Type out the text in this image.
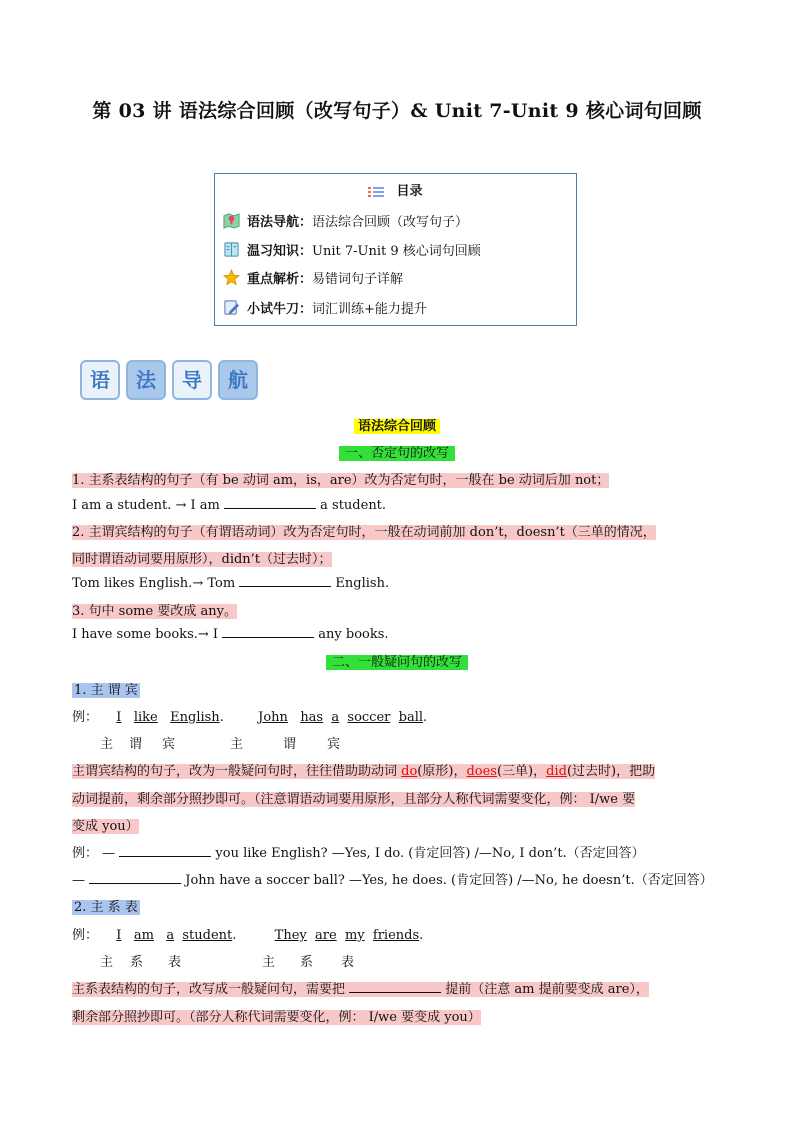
第 03 讲 语法综合回顾（改写句子）& Unit 7-Unit 9 核心词句回顾
目录
语法导航：语法综合回顾（改写句子）
温习知识：Unit 7-Unit 9 核心词句回顾
重点解析：易错词句子详解
小试牛刀：词汇训练+能力提升
语	法	导	航
语法综合回顾
一、否定句的改写
1. 主系表结构的句子（有 be 动词 am，is，are）改为否定句时，一般在 be 动词后加 not；
I am a student. → I am	a student.
2. 主谓宾结构的句子（有谓语动词）改为否定句时，一般在动词前加 don’t，doesn’t（三单的情况，
同时谓语动词要用原形），didn’t（过去时）；
Tom likes English.→ Tom	English.
3. 句中 some 要改成 any。
I have some books.→ I	any books.
二、一般疑问句的改写
1. 主 谓 宾
例： I like English.	John has a soccer ball.
主 谓 宾	主	谓 宾
主谓宾结构的句子，改为一般疑问句时，往往借助助动词 do(原形)，does(三单)，did(过去时)，把助
动词提前，剩余部分照抄即可。（注意谓语动词要用原形，且部分人称代词需要变化，例： I/we 要
变成 you）
例： —	you like English? —Yes, I do. (肯定回答) /—No, I don’t.（否定回答）
—	John have a soccer ball? —Yes, he does. (肯定回答) /—No, he doesn’t.（否定回答）
2. 主 系 表
例： I am a student.	They are my friends.
主 系 表	主 系 表
主系表结构的句子，改写成一般疑问句，需要把	提前（注意 am 提前要变成 are），
剩余部分照抄即可。（部分人称代词需要变化，例： I/we 要变成 you）
